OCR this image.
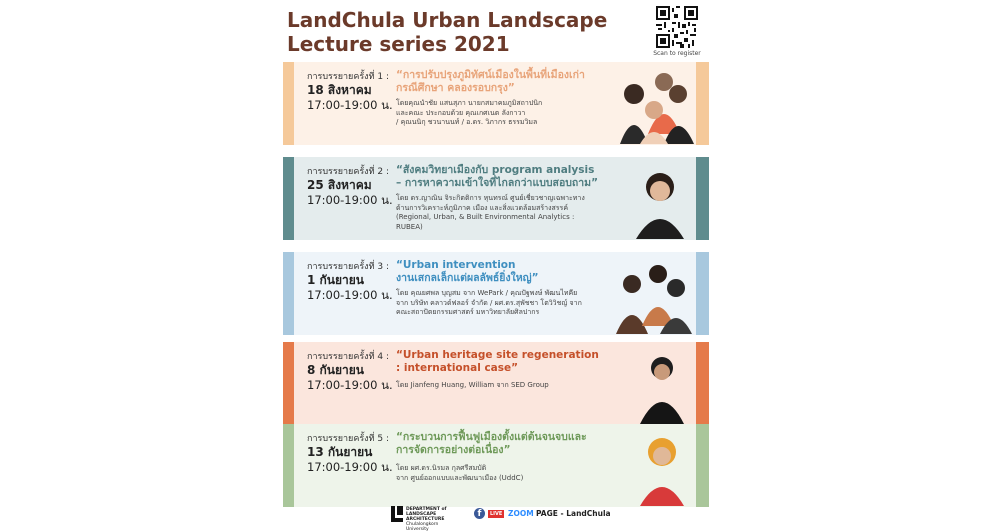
LandChula Urban Landscape
Lecture series 2021	Scan to register
การบรรยายครั้งที่ 1 :
18 สิงหาคม
17:00-19:00 น.
“การปรับปรุงภูมิทัศน์เมืองในพื้นที่เมืองเก่า
กรณีศึกษา คลองรอบกรุง”
โดยคุณนำชัย แสนสุภา นายกสมาคมภูมิสถาปนิก
และคณะ ประกอบด้วย คุณเกศเนต ลังกาวา
/ คุณนนิกุ ชวนานนท์ / อ.ดร. วิภากร ธรรมวิมล
การบรรยายครั้งที่ 2 :
25 สิงหาคม
17:00-19:00 น.
“สังคมวิทยาเมืองกับ program analysis
– การหาความเข้าใจที่ไกลกว่าแบบสอบถาม”
โดย ดร.ญาณิน จิระกิตติการ หุนทรณ์ ศูนย์เชี่ยวชาญเฉพาะทาง
ด้านการวิเคราะห์ภูมิภาค เมือง และสิ่งแวดล้อมสร้างสรรค์
(Regional, Urban, & Built Environmental Analytics :
RUBEA)
การบรรยายครั้งที่ 3 :
1 กันยายน
17:00-19:00 น.
“Urban intervention
งานเสกลเล็กแต่ผลลัพธ์ยิ่งใหญ่”
โดย คุณยศพล บุญสม จาก WePark / คุณปัฐพงษ์ พัฒนไทคีย
จาก บริษัท คลาวด์ฟลอร์ จำกัด / ผศ.ดร.สุพัชชา โตวิวิชญ์ จาก
คณะสถาปัตยกรรมศาสตร์ มหาวิทยาลัยศิลปากร
การบรรยายครั้งที่ 4 :
8 กันยายน
17:00-19:00 น.
“Urban heritage site regeneration
: international case”
โดย Jianfeng Huang, William จาก SED Group
การบรรยายครั้งที่ 5 :
13 กันยายน
17:00-19:00 น.
“กระบวนการฟื้นฟูเมืองตั้งแต่ต้นจนจบและ
การจัดการอย่างต่อเนื่อง”
โดย ผศ.ดร.นิรมล กุลศรีสมบัติ
จาก ศูนย์ออกแบบและพัฒนาเมือง (UddC)
DEPARTMENT of
LANDSCAPE
ARCHITECTURE
Chulalongkorn University
f	LIVE ZOOM PAGE - LandChula
